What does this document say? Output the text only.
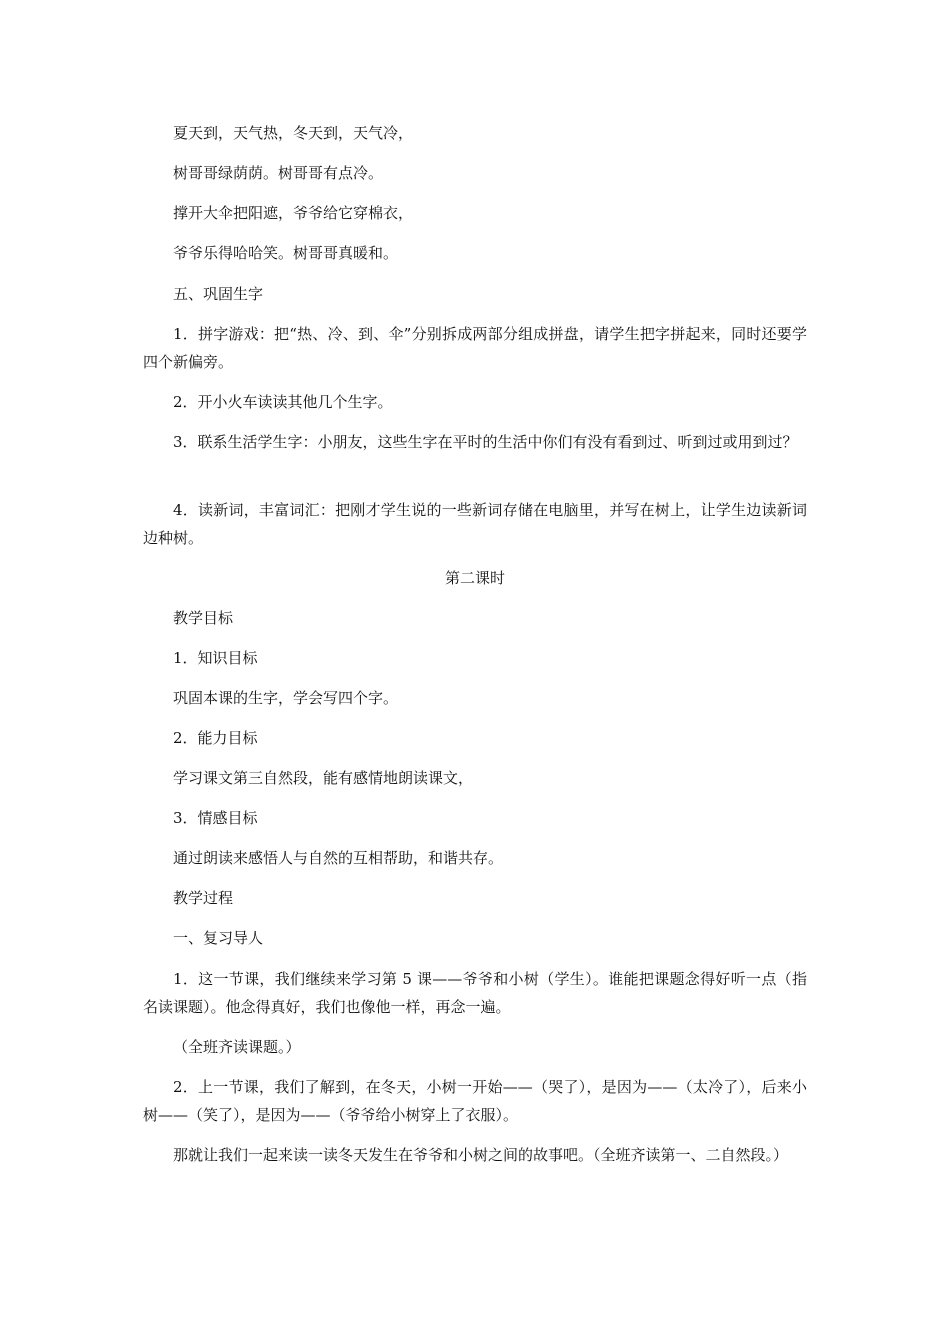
夏天到，天气热，冬天到，天气冷，

树哥哥绿荫荫。树哥哥有点冷。

撑开大伞把阳遮，爷爷给它穿棉衣，

爷爷乐得哈哈笑。树哥哥真暖和。

五、巩固生字

1．拼字游戏：把“热、冷、到、伞”分别拆成两部分组成拼盘，请学生把字拼起来，同时还要学四个新偏旁。

2．开小火车读读其他几个生字。

3．联系生活学生字：小朋友，这些生字在平时的生活中你们有没有看到过、听到过或用到过？

4．读新词，丰富词汇：把刚才学生说的一些新词存储在电脑里，并写在树上，让学生边读新词边种树。

第二课时

教学目标

1．知识目标

巩固本课的生字，学会写四个字。

2．能力目标

学习课文第三自然段，能有感情地朗读课文，

3．情感目标

通过朗读来感悟人与自然的互相帮助，和谐共存。

教学过程

一、复习导人

1．这一节课，我们继续来学习第 5 课——爷爷和小树（学生）。谁能把课题念得好听一点（指名读课题）。他念得真好，我们也像他一样，再念一遍。

（全班齐读课题。）

2．上一节课，我们了解到，在冬天，小树一开始——（哭了），是因为——（太冷了），后来小树——（笑了），是因为——（爷爷给小树穿上了衣服）。

那就让我们一起来读一读冬天发生在爷爷和小树之间的故事吧。（全班齐读第一、二自然段。）
